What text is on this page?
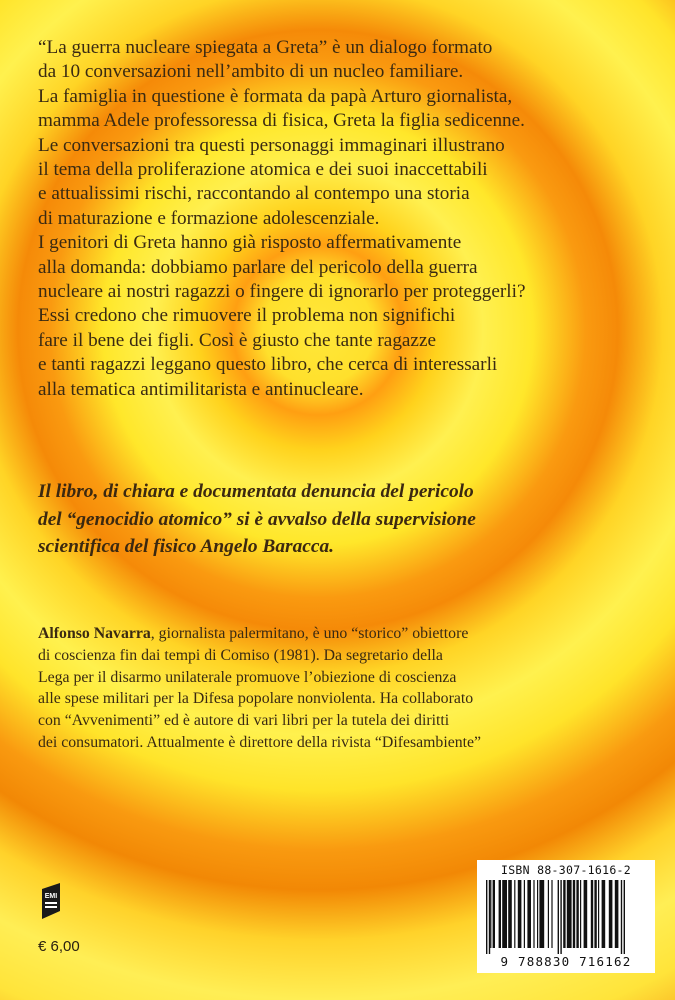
“La guerra nucleare spiegata a Greta” è un dialogo formato
da 10 conversazioni nell’ambito di un nucleo familiare.
La famiglia in questione è formata da papà Arturo giornalista,
mamma Adele professoressa di fisica, Greta la figlia sedicenne.
Le conversazioni tra questi personaggi immaginari illustrano
il tema della proliferazione atomica e dei suoi inaccettabili
e attualissimi rischi, raccontando al contempo una storia
di maturazione e formazione adolescenziale.
I genitori di Greta hanno già risposto affermativamente
alla domanda: dobbiamo parlare del pericolo della guerra
nucleare ai nostri ragazzi o fingere di ignorarlo per proteggerli?
Essi credono che rimuovere il problema non significhi
fare il bene dei figli. Così è giusto che tante ragazze
e tanti ragazzi leggano questo libro, che cerca di interessarli
alla tematica antimilitarista e antinucleare.
Il libro, di chiara e documentata denuncia del pericolo
del “genocidio atomico” si è avvalso della supervisione
scientifica del fisico Angelo Baracca.
Alfonso Navarra, giornalista palermitano, è uno “storico” obiettore
di coscienza fin dai tempi di Comiso (1981). Da segretario della
Lega per il disarmo unilaterale promuove l’obiezione di coscienza
alle spese militari per la Difesa popolare nonviolenta. Ha collaborato
con “Avvenimenti” ed è autore di vari libri per la tutela dei diritti
dei consumatori. Attualmente è direttore della rivista “Difesambiente”
EMI
€ 6,00
ISBN 88-307-1616-2
9 788830 716162
